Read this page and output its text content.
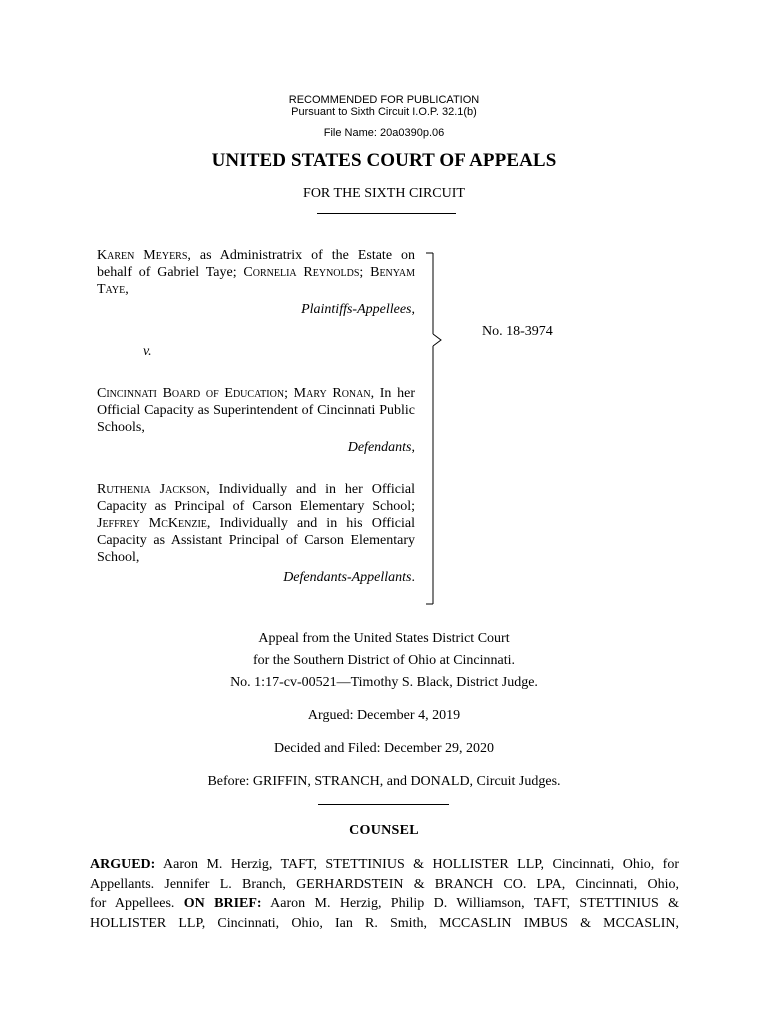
RECOMMENDED FOR PUBLICATION
Pursuant to Sixth Circuit I.O.P. 32.1(b)
File Name: 20a0390p.06
UNITED STATES COURT OF APPEALS
FOR THE SIXTH CIRCUIT
Karen Meyers, as Administratrix of the Estate on behalf of Gabriel Taye; Cornelia Reynolds; Benyam Taye,
Plaintiffs-Appellees,
v.
Cincinnati Board of Education; Mary Ronan, In her Official Capacity as Superintendent of Cincinnati Public Schools,
Defendants,
Ruthenia Jackson, Individually and in her Official Capacity as Principal of Carson Elementary School; Jeffrey McKenzie, Individually and in his Official Capacity as Assistant Principal of Carson Elementary School,
Defendants-Appellants.
No. 18-3974
Appeal from the United States District Court
for the Southern District of Ohio at Cincinnati.
No. 1:17-cv-00521—Timothy S. Black, District Judge.
Argued: December 4, 2019
Decided and Filed: December 29, 2020
Before: GRIFFIN, STRANCH, and DONALD, Circuit Judges.
COUNSEL
ARGUED: Aaron M. Herzig, TAFT, STETTINIUS & HOLLISTER LLP, Cincinnati, Ohio, for
Appellants. Jennifer L. Branch, GERHARDSTEIN & BRANCH CO. LPA, Cincinnati, Ohio,
for Appellees. ON BRIEF: Aaron M. Herzig, Philip D. Williamson, TAFT, STETTINIUS &
HOLLISTER LLP, Cincinnati, Ohio, Ian R. Smith, MCCASLIN IMBUS & MCCASLIN,
